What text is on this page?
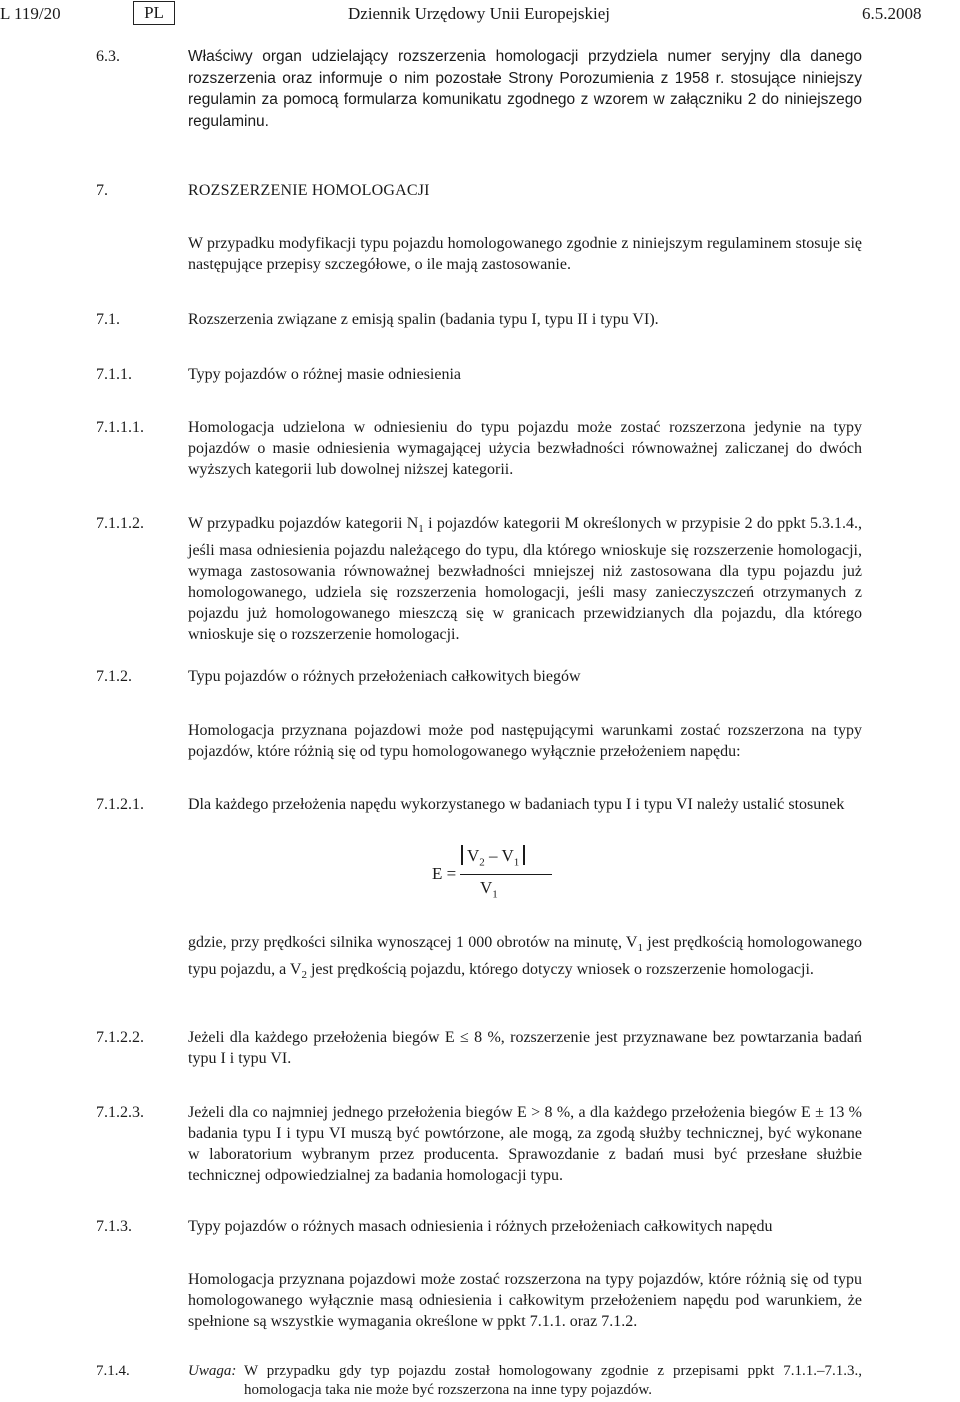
L 119/20	PL	Dziennik Urzędowy Unii Europejskiej	6.5.2008
6.3.	Właściwy organ udzielający rozszerzenia homologacji przydziela numer seryjny dla danego rozszerzenia oraz informuje o nim pozostałe Strony Porozumienia z 1958 r. stosujące niniejszy regulamin za pomocą formularza komunikatu zgodnego z wzorem w załączniku 2 do niniejszego regulaminu.
7.	ROZSZERZENIE HOMOLOGACJI
W przypadku modyfikacji typu pojazdu homologowanego zgodnie z niniejszym regulaminem stosuje się następujące przepisy szczegółowe, o ile mają zastosowanie.
7.1.	Rozszerzenia związane z emisją spalin (badania typu I, typu II i typu VI).
7.1.1.	Typy pojazdów o różnej masie odniesienia
7.1.1.1.	Homologacja udzielona w odniesieniu do typu pojazdu może zostać rozszerzona jedynie na typy pojazdów o masie odniesienia wymagającej użycia bezwładności równoważnej zaliczanej do dwóch wyższych kategorii lub dowolnej niższej kategorii.
7.1.1.2.	W przypadku pojazdów kategorii $N_1$ i pojazdów kategorii M określonych w przypisie 2 do ppkt 5.3.1.4., jeśli masa odniesienia pojazdu należącego do typu, dla którego wnioskuje się rozszerzenie homologacji, wymaga zastosowania równoważnej bezwładności mniejszej niż zastosowana dla typu pojazdu już homologowanego, udziela się rozszerzenia homologacji, jeśli masy zanieczyszczeń otrzymanych z pojazdu już homologowanego mieszczą się w granicach przewidzianych dla pojazdu, dla którego wnioskuje się o rozszerzenie homologacji.
7.1.2.	Typu pojazdów o różnych przełożeniach całkowitych biegów
Homologacja przyznana pojazdowi może pod następującymi warunkami zostać rozszerzona na typy pojazdów, które różnią się od typu homologowanego wyłącznie przełożeniem napędu:
7.1.2.1.	Dla każdego przełożenia napędu wykorzystanego w badaniach typu I i typu VI należy ustalić stosunek
E =
$V_2 - V_1$
$V_1$
gdzie, przy prędkości silnika wynoszącej 1 000 obrotów na minutę, $V_1$ jest prędkością homologowanego typu pojazdu, a $V_2$ jest prędkością pojazdu, którego dotyczy wniosek o rozszerzenie homologacji.
7.1.2.2.	Jeżeli dla każdego przełożenia biegów E ≤ 8 %, rozszerzenie jest przyznawane bez powtarzania badań typu I i typu VI.
7.1.2.3.	Jeżeli dla co najmniej jednego przełożenia biegów E > 8 %, a dla każdego przełożenia biegów E ± 13 % badania typu I i typu VI muszą być powtórzone, ale mogą, za zgodą służby technicznej, być wykonane w laboratorium wybranym przez producenta. Sprawozdanie z badań musi być przesłane służbie technicznej odpowiedzialnej za badania homologacji typu.
7.1.3.	Typy pojazdów o różnych masach odniesienia i różnych przełożeniach całkowitych napędu
Homologacja przyznana pojazdowi może zostać rozszerzona na typy pojazdów, które różnią się od typu homologowanego wyłącznie masą odniesienia i całkowitym przełożeniem napędu pod warunkiem, że spełnione są wszystkie wymagania określone w ppkt 7.1.1. oraz 7.1.2.
7.1.4.	Uwaga: W przypadku gdy typ pojazdu został homologowany zgodnie z przepisami ppkt 7.1.1.–7.1.3., homologacja taka nie może być rozszerzona na inne typy pojazdów.
